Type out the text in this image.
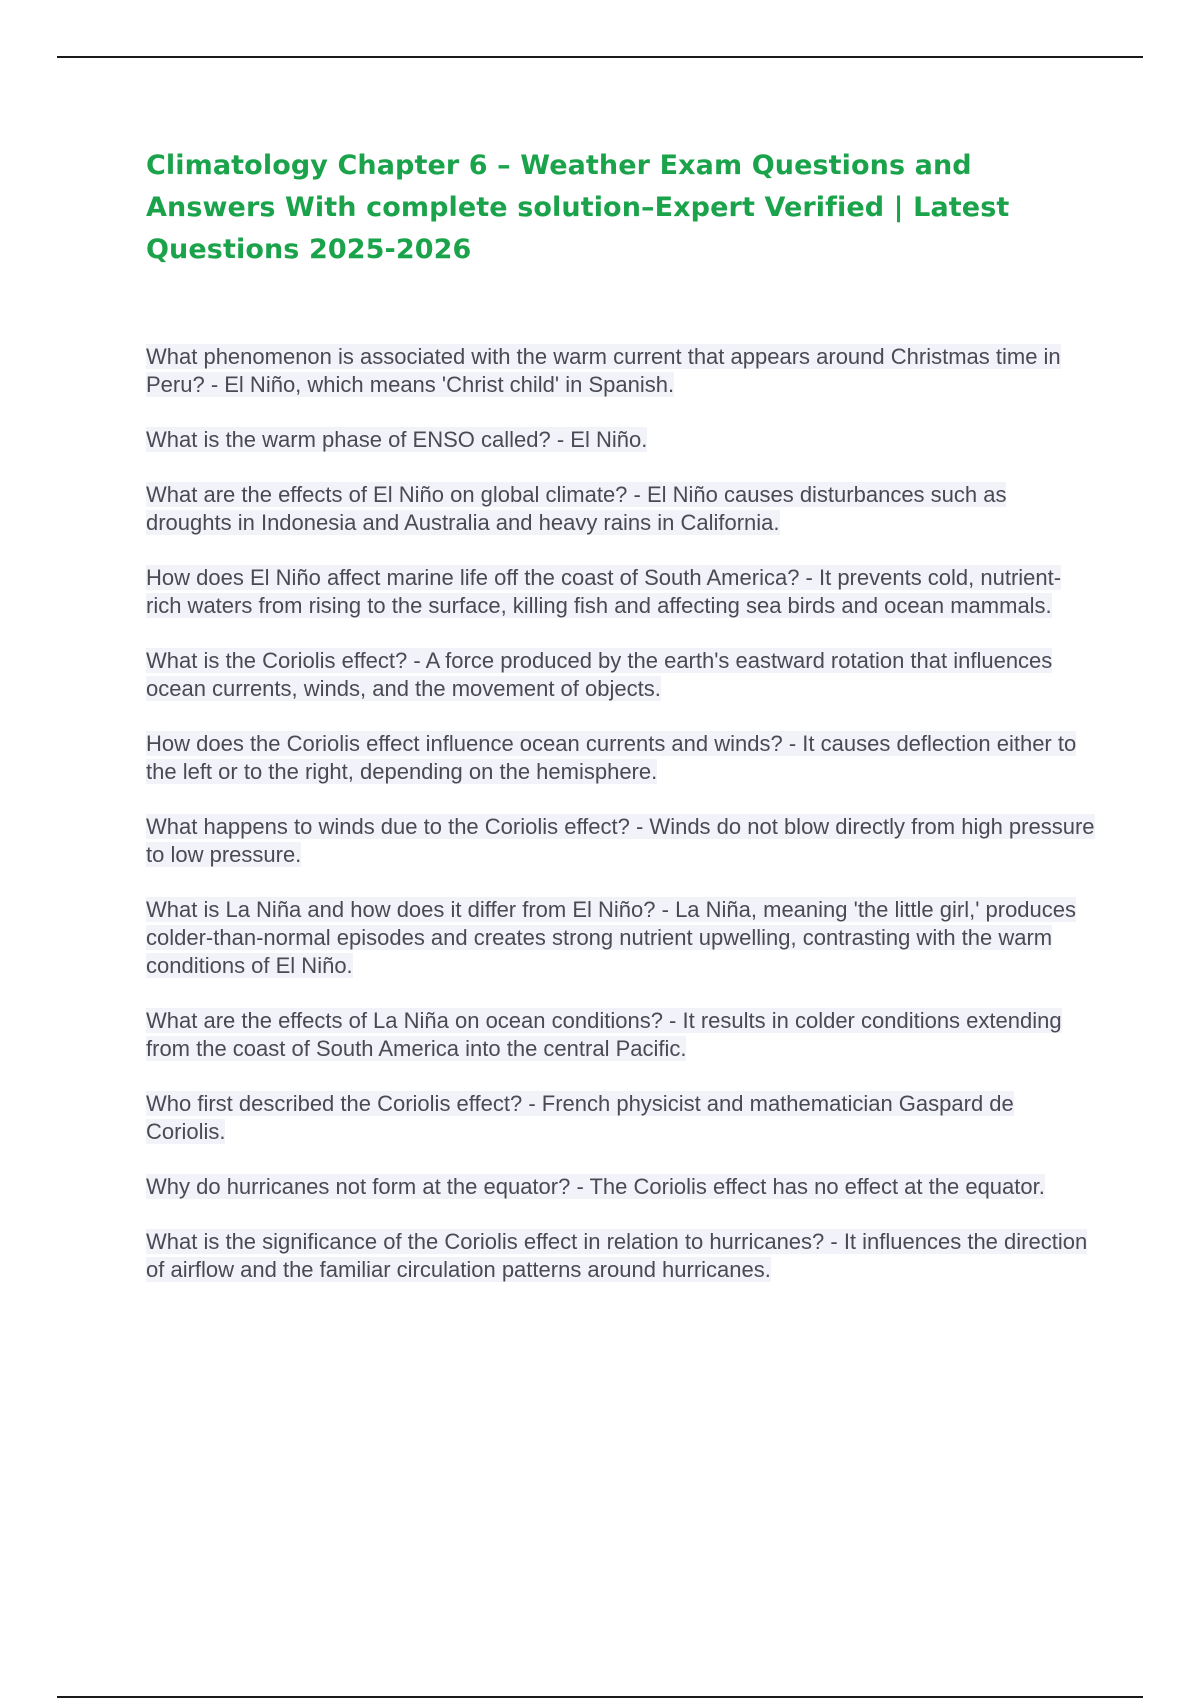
Climatology Chapter 6 – Weather Exam Questions and Answers With complete solution–Expert Verified | Latest Questions 2025-2026
What phenomenon is associated with the warm current that appears around Christmas time in Peru? - El Niño, which means 'Christ child' in Spanish.
What is the warm phase of ENSO called? - El Niño.
What are the effects of El Niño on global climate? - El Niño causes disturbances such as droughts in Indonesia and Australia and heavy rains in California.
How does El Niño affect marine life off the coast of South America? - It prevents cold, nutrient-rich waters from rising to the surface, killing fish and affecting sea birds and ocean mammals.
What is the Coriolis effect? - A force produced by the earth's eastward rotation that influences ocean currents, winds, and the movement of objects.
How does the Coriolis effect influence ocean currents and winds? - It causes deflection either to the left or to the right, depending on the hemisphere.
What happens to winds due to the Coriolis effect? - Winds do not blow directly from high pressure to low pressure.
What is La Niña and how does it differ from El Niño? - La Niña, meaning 'the little girl,' produces colder-than-normal episodes and creates strong nutrient upwelling, contrasting with the warm conditions of El Niño.
What are the effects of La Niña on ocean conditions? - It results in colder conditions extending from the coast of South America into the central Pacific.
Who first described the Coriolis effect? - French physicist and mathematician Gaspard de Coriolis.
Why do hurricanes not form at the equator? - The Coriolis effect has no effect at the equator.
What is the significance of the Coriolis effect in relation to hurricanes? - It influences the direction of airflow and the familiar circulation patterns around hurricanes.
